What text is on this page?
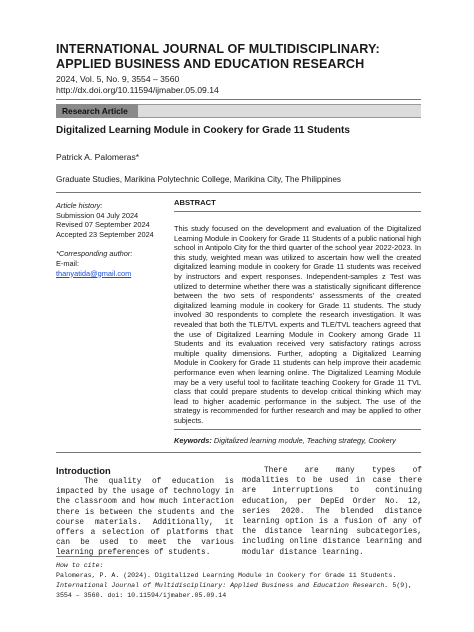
INTERNATIONAL JOURNAL OF MULTIDISCIPLINARY: APPLIED BUSINESS AND EDUCATION RESEARCH
2024, Vol. 5, No. 9, 3554 – 3560
http://dx.doi.org/10.11594/ijmaber.05.09.14
Research Article
Digitalized Learning Module in Cookery for Grade 11 Students
Patrick A. Palomeras*
Graduate Studies, Marikina Polytechnic College, Marikina City, The Philippines
Article history:
Submission 04 July 2024
Revised 07 September 2024
Accepted 23 September 2024
*Corresponding author:
E-mail:
thanyatida@gmail.com
ABSTRACT
This study focused on the development and evaluation of the Digitalized Learning Module in Cookery for Grade 11 Students of a public national high school in Antipolo City for the third quarter of the school year 2022-2023. In this study, weighted mean was utilized to ascertain how well the created digitalized learning module in cookery for Grade 11 students was received by instructors and expert responses. Independent-samples z Test was utilized to determine whether there was a statistically significant difference between the two sets of respondents' assessments of the created digitalized learning module in cookery for Grade 11 students. The study involved 30 respondents to complete the research investigation. It was revealed that both the TLE/TVL experts and TLE/TVL teachers agreed that the use of Digitalized Learning Module in Cookery among Grade 11 Students and its evaluation received very satisfactory ratings across multiple quality dimensions. Further, adopting a Digitalized Learning Module in Cookery for Grade 11 students can help improve their academic performance even when learning online. The Digitalized Learning Module may be a very useful tool to facilitate teaching Cookery for Grade 11 TVL class that could prepare students to develop critical thinking which may lead to higher academic performance in the subject. The use of the strategy is recommended for further research and may be applied to other subjects.
Keywords: Digitalized learning module, Teaching strategy, Cookery
Introduction
The quality of education is impacted by the usage of technology in the classroom and how much interaction there is between the students and the course materials. Additionally, it offers a selection of platforms that can be used to meet the various learning preferences of students.
There are many types of modalities to be used in case there are interruptions to continuing education, per DepEd Order No. 12, series 2020. The blended distance learning option is a fusion of any of the distance learning subcategories, including online distance learning and modular distance learning.
How to cite:
Palomeras, P. A. (2024). Digitalized Learning Module in Cookery for Grade 11 Students. International Journal of Multidisciplinary: Applied Business and Education Research. 5(9), 3554 – 3560. doi: 10.11594/ijmaber.05.09.14
